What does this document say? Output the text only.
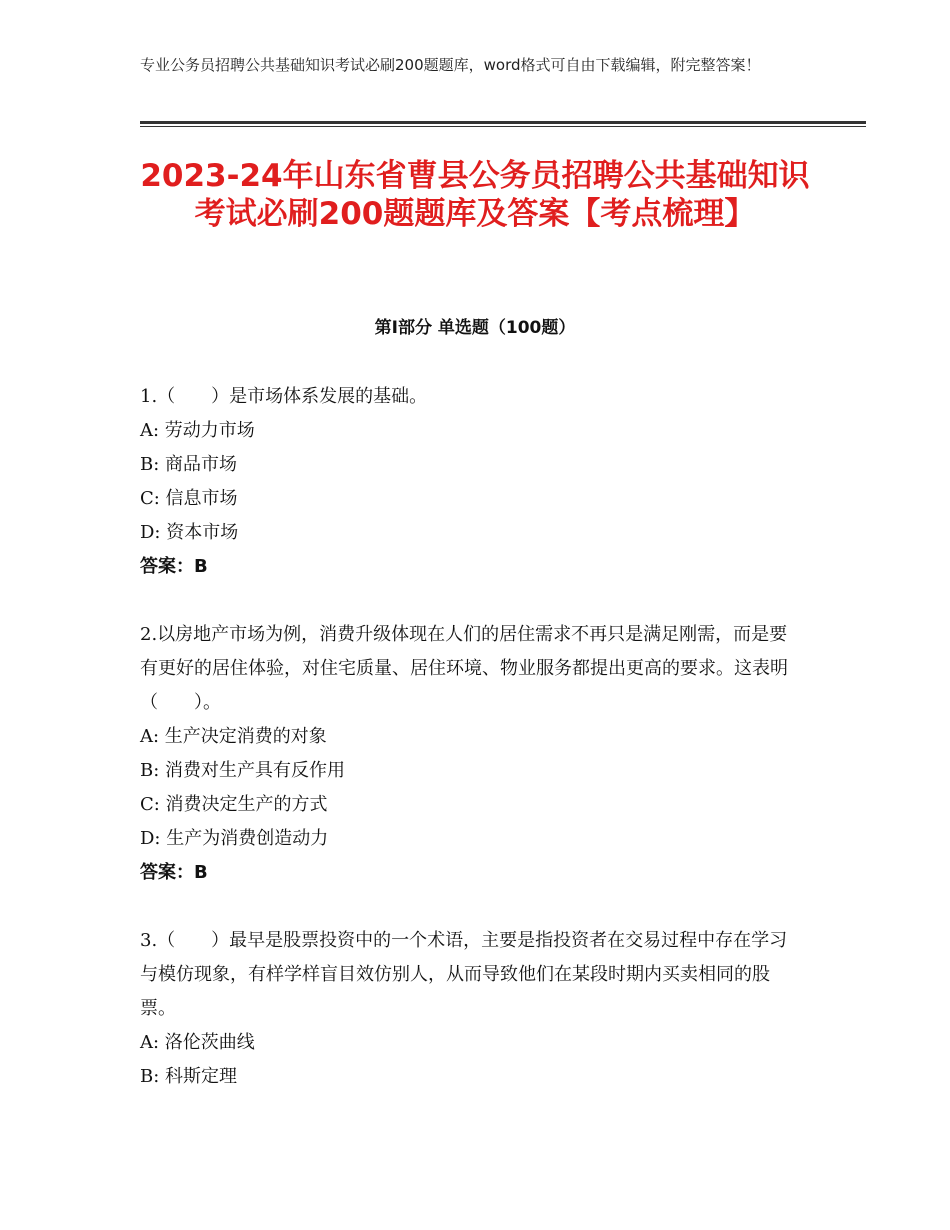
专业公务员招聘公共基础知识考试必刷200题题库，word格式可自由下载编辑，附完整答案！
2023-24年山东省曹县公务员招聘公共基础知识考试必刷200题题库及答案【考点梳理】
第Ⅰ部分 单选题（100题）
1.（　　）是市场体系发展的基础。
A: 劳动力市场
B: 商品市场
C: 信息市场
D: 资本市场
答案：B
2.以房地产市场为例，消费升级体现在人们的居住需求不再只是满足刚需，而是要有更好的居住体验，对住宅质量、居住环境、物业服务都提出更高的要求。这表明（　　）。
A: 生产决定消费的对象
B: 消费对生产具有反作用
C: 消费决定生产的方式
D: 生产为消费创造动力
答案：B
3.（　　）最早是股票投资中的一个术语，主要是指投资者在交易过程中存在学习与模仿现象，有样学样盲目效仿别人，从而导致他们在某段时期内买卖相同的股票。
A: 洛伦茨曲线
B: 科斯定理
